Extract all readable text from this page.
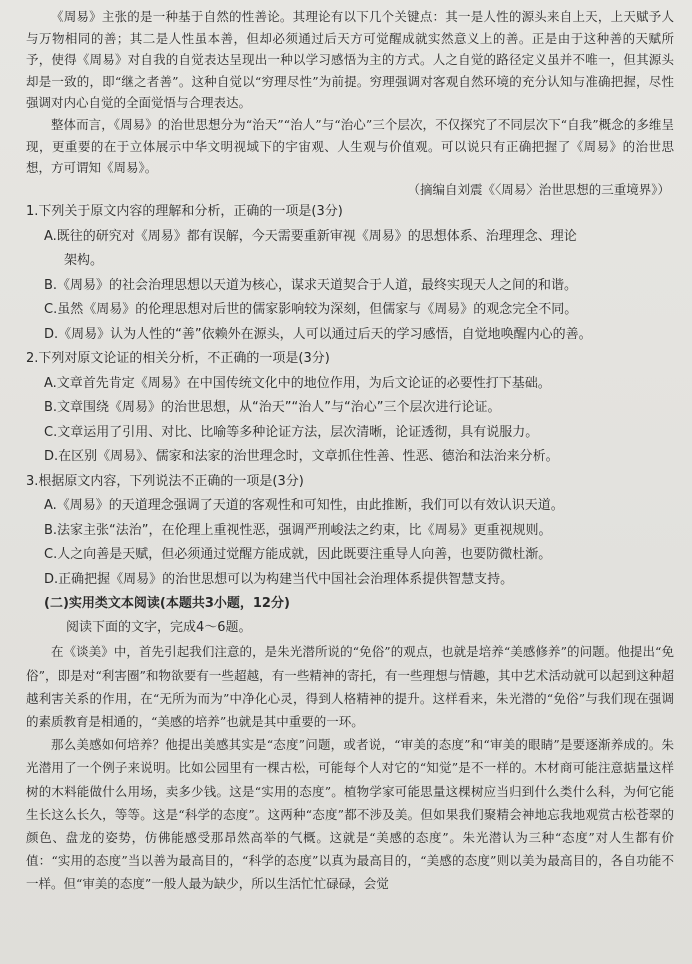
《周易》主张的是一种基于自然的性善论。其理论有以下几个关键点：其一是人性的源头来自上天，上天赋予人与万物相同的善；其二是人性虽本善，但却必须通过后天方可觉醒成就实然意义上的善。正是由于这种善的天赋所予，使得《周易》对自我的自觉表达呈现出一种以学习感悟为主的方式。人之自觉的路径定义虽并不唯一，但其源头却是一致的，即“继之者善”。这种自觉以“穷理尽性”为前提。穷理强调对客观自然环境的充分认知与准确把握，尽性强调对内心自觉的全面觉悟与合理表达。

整体而言，《周易》的治世思想分为“治天”“治人”与“治心”三个层次，不仅探究了不同层次下“自我”概念的多维呈现，更重要的在于立体展示中华文明视域下的宇宙观、人生观与价值观。可以说只有正确把握了《周易》的治世思想，方可谓知《周易》。

（摘编自刘震《〈周易〉治世思想的三重境界》）

1.下列关于原文内容的理解和分析，正确的一项是(3分)

A.既往的研究对《周易》都有误解，今天需要重新审视《周易》的思想体系、治理理念、理论

架构。

B.《周易》的社会治理思想以天道为核心，谋求天道契合于人道，最终实现天人之间的和谐。

C.虽然《周易》的伦理思想对后世的儒家影响较为深刻，但儒家与《周易》的观念完全不同。

D.《周易》认为人性的“善”依赖外在源头，人可以通过后天的学习感悟，自觉地唤醒内心的善。

2.下列对原文论证的相关分析，不正确的一项是(3分)

A.文章首先肯定《周易》在中国传统文化中的地位作用，为后文论证的必要性打下基础。

B.文章围绕《周易》的治世思想，从“治天”“治人”与“治心”三个层次进行论证。

C.文章运用了引用、对比、比喻等多种论证方法，层次清晰，论证透彻，具有说服力。

D.在区别《周易》、儒家和法家的治世理念时，文章抓住性善、性恶、德治和法治来分析。

3.根据原文内容，下列说法不正确的一项是(3分)

A.《周易》的天道理念强调了天道的客观性和可知性，由此推断，我们可以有效认识天道。

B.法家主张“法治”，在伦理上重视性恶，强调严刑峻法之约束，比《周易》更重视规则。

C.人之向善是天赋，但必须通过觉醒方能成就，因此既要注重导人向善，也要防微杜渐。

D.正确把握《周易》的治世思想可以为构建当代中国社会治理体系提供智慧支持。

(二)实用类文本阅读(本题共3小题，12分)

阅读下面的文字，完成4～6题。

在《谈美》中，首先引起我们注意的，是朱光潜所说的“免俗”的观点，也就是培养“美感修养”的问题。他提出“免俗”，即是对“利害圈”和物欲要有一些超越，有一些精神的寄托，有一些理想与情趣，其中艺术活动就可以起到这种超越利害关系的作用，在“无所为而为”中净化心灵，得到人格精神的提升。这样看来，朱光潜的“免俗”与我们现在强调的素质教育是相通的，“美感的培养”也就是其中重要的一环。

那么美感如何培养？他提出美感其实是“态度”问题，或者说，“审美的态度”和“审美的眼睛”是要逐渐养成的。朱光潜用了一个例子来说明。比如公园里有一棵古松，可能每个人对它的“知觉”是不一样的。木材商可能注意掂量这样树的木料能做什么用场，卖多少钱。这是“实用的态度”。植物学家可能思量这棵树应当归到什么类什么科，为何它能生长这么长久，等等。这是“科学的态度”。这两种“态度”都不涉及美。但如果我们聚精会神地忘我地观赏古松苍翠的颜色、盘龙的姿势，仿佛能感受那昂然高举的气概。这就是“美感的态度”。朱光潜认为三种“态度”对人生都有价值：“实用的态度”当以善为最高目的，“科学的态度”以真为最高目的，“美感的态度”则以美为最高目的，各自功能不一样。但“审美的态度”一般人最为缺少，所以生活忙忙碌碌，会觉
